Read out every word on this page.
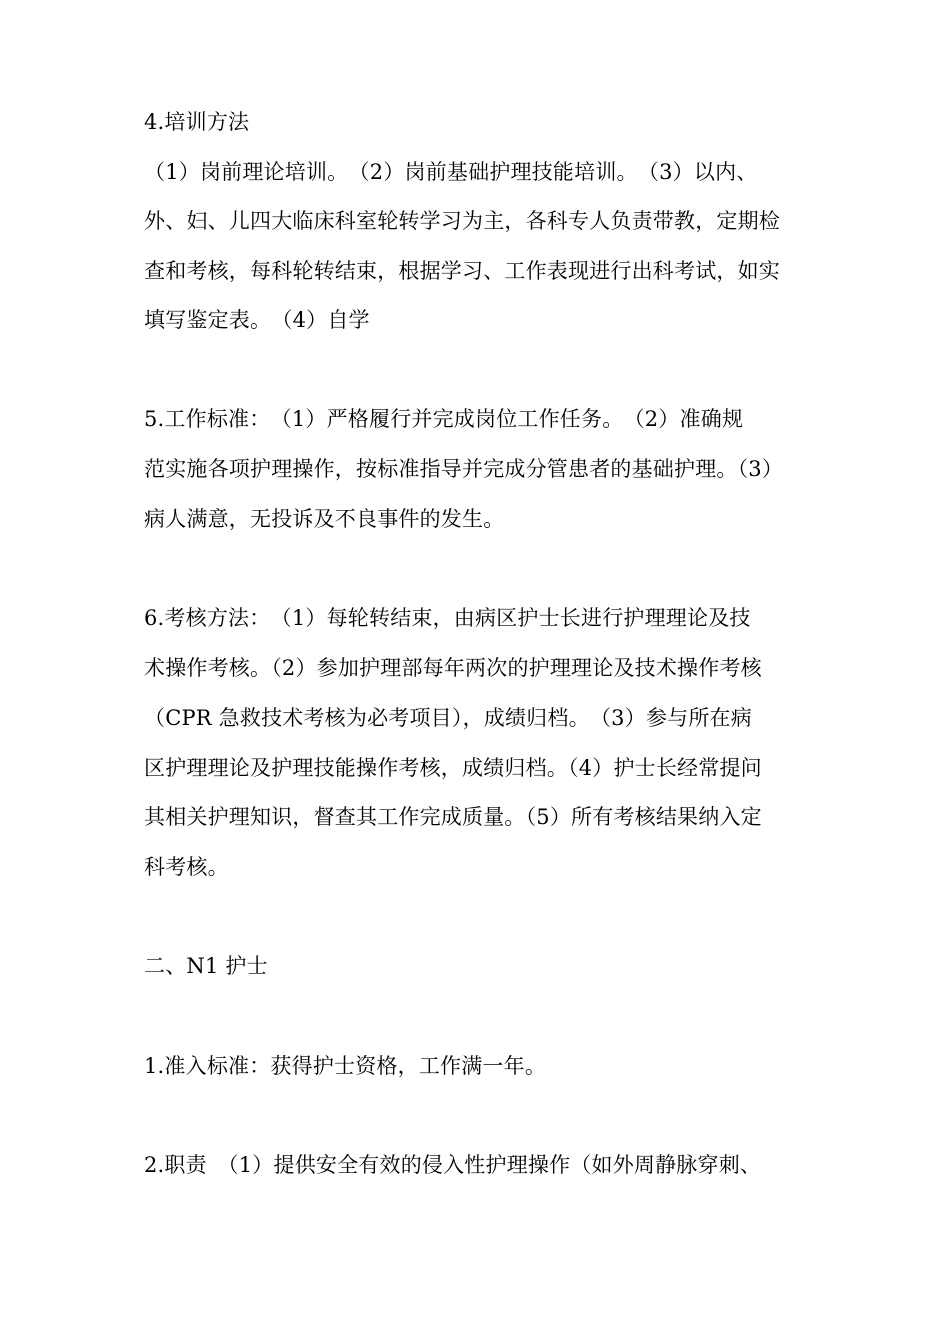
4.培训方法
（1）岗前理论培训。　（2）岗前基础护理技能培训。　（3）以内、
外、妇、儿四大临床科室轮转学习为主，各科专人负责带教，定期检
查和考核，每科轮转结束，根据学习、工作表现进行出科考试，如实
填写鉴定表。　（4）自学
5.工作标准：　（1）严格履行并完成岗位工作任务。　（2）准确规
范实施各项护理操作，按标准指导并完成分管患者的基础护理。（3）
病人满意，无投诉及不良事件的发生。
6.考核方法：　（1）每轮转结束，由病区护士长进行护理理论及技
术操作考核。（2）参加护理部每年两次的护理理论及技术操作考核
（CPR 急救技术考核为必考项目），成绩归档。　（3）参与所在病
区护理理论及护理技能操作考核，成绩归档。（4）护士长经常提问
其相关护理知识，督查其工作完成质量。（5）所有考核结果纳入定
科考核。
二、N1 护士
1.准入标准：获得护士资格，工作满一年。
2.职责　（1）提供安全有效的侵入性护理操作（如外周静脉穿刺、
